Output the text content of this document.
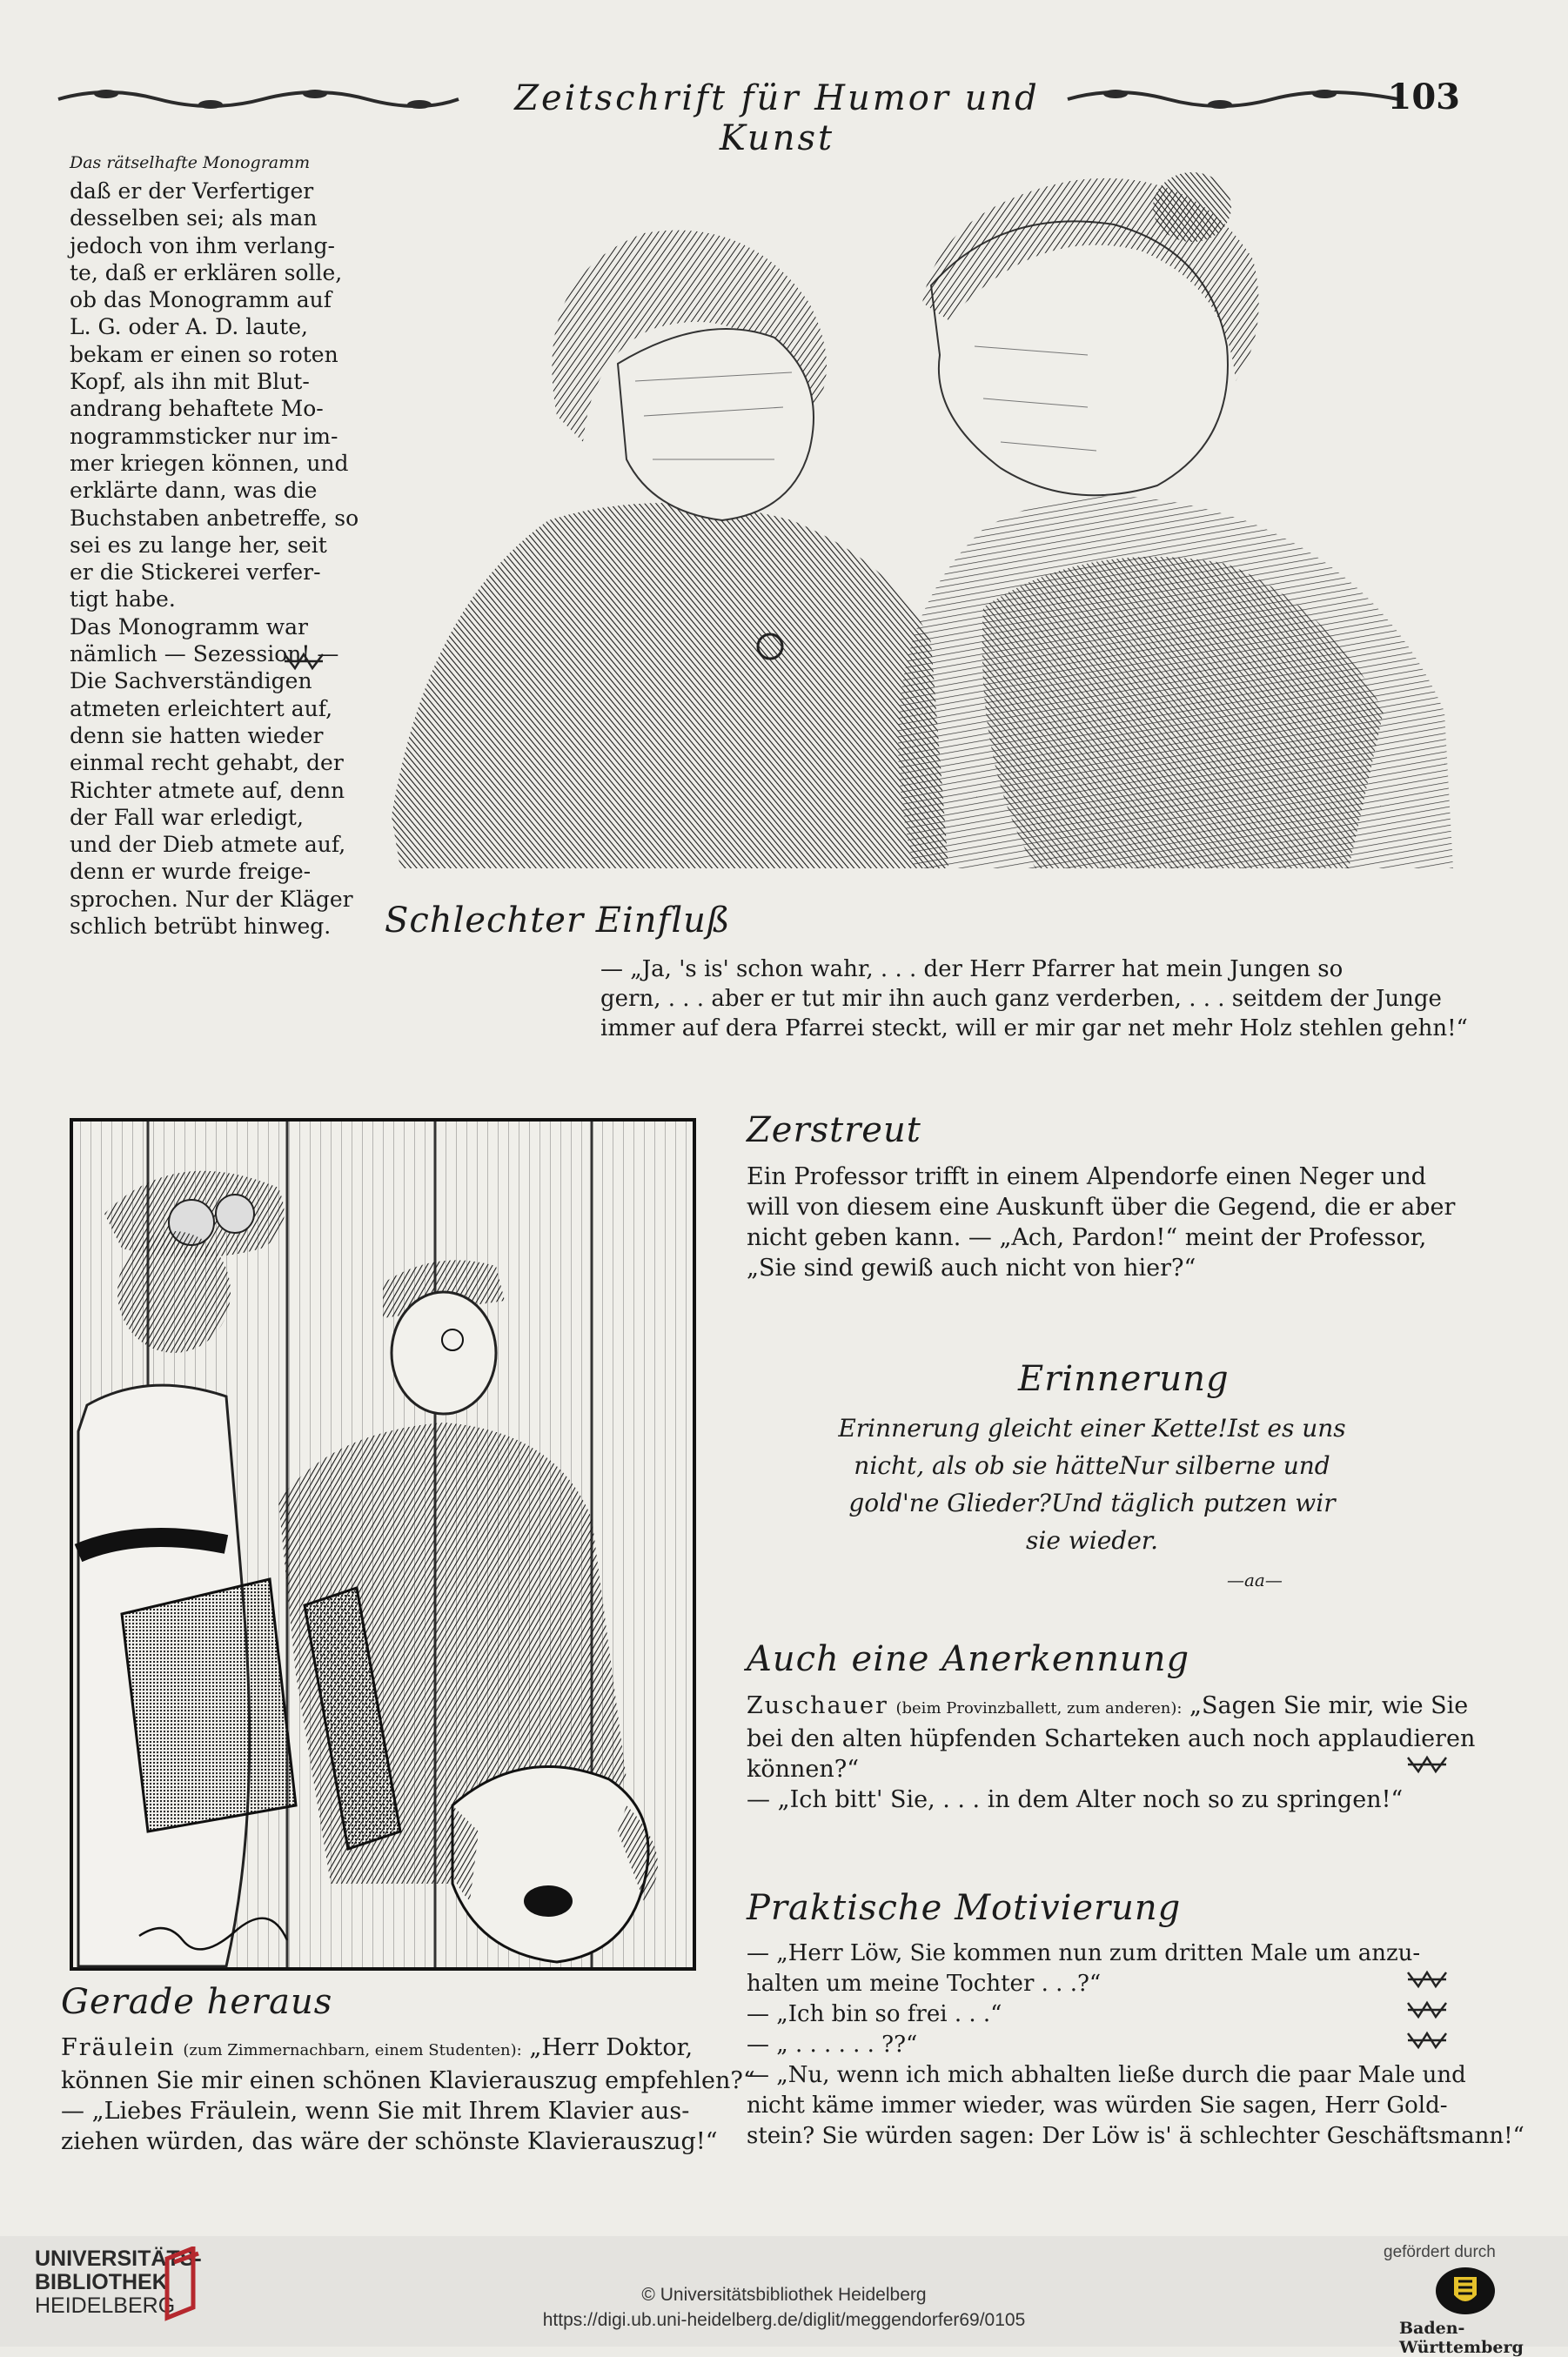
Zeitschrift für Humor und Kunst
103
Das rätselhafte Monogramm
daß er der Verfertiger
desselben sei; als man
jedoch von ihm verlang-
te, daß er erklären solle,
ob das Monogramm auf
L. G. oder A. D. laute,
bekam er einen so roten
Kopf, als ihn mit Blut-
andrang behaftete Mo-
nogrammsticker nur im-
mer kriegen können, und
erklärte dann, was die
Buchstaben anbetreffe, so
sei es zu lange her, seit
er die Stickerei verfer-
tigt habe.
Das Monogramm war
nämlich — Sezession! —
Die Sachverständigen
atmeten erleichtert auf,
denn sie hatten wieder
einmal recht gehabt, der
Richter atmete auf, denn
der Fall war erledigt,
und der Dieb atmete auf,
denn er wurde freige-
sprochen. Nur der Kläger
schlich betrübt hinweg. Schlechter Einfluß
— „Ja, 's is' schon wahr, . . . der Herr Pfarrer hat mein Jungen so
gern, . . . aber er tut mir ihn auch ganz verderben, . . . seitdem der Junge
immer auf dera Pfarrei steckt, will er mir gar net mehr Holz stehlen gehn!“
Zerstreut
Ein Professor trifft in einem Alpendorfe einen Neger und
will von diesem eine Auskunft über die Gegend, die er aber
nicht geben kann. — „Ach, Pardon!“ meint der Professor,
„Sie sind gewiß auch nicht von hier?“
Erinnerung
Erinnerung gleicht einer Kette!Ist es uns nicht, als ob sie hätteNur silberne und gold'ne Glieder?Und täglich putzen wir sie wieder.
—aa—
Auch eine Anerkennung
Zuschauer (beim Provinzballett, zum anderen): „Sagen Sie mir, wie Sie
bei den alten hüpfenden Scharteken auch noch applaudieren
können?“
— „Ich bitt' Sie, . . . in dem Alter noch so zu springen!“
Praktische Motivierung
— „Herr Löw, Sie kommen nun zum dritten Male um anzu-
halten um meine Tochter . . .?“
— „Ich bin so frei . . .“
— „ . . . . . . ??“
— „Nu, wenn ich mich abhalten ließe durch die paar Male und
nicht käme immer wieder, was würden Sie sagen, Herr Gold-
stein? Sie würden sagen: Der Löw is' ä schlechter Geschäftsmann!“
Gerade heraus
Fräulein (zum Zimmernachbarn, einem Studenten): „Herr Doktor,
können Sie mir einen schönen Klavierauszug empfehlen?“
— „Liebes Fräulein, wenn Sie mit Ihrem Klavier aus-
ziehen würden, das wäre der schönste Klavierauszug!“
UNIVERSITÄTS-
BIBLIOTHEK
HEIDELBERG	© Universitätsbibliothek Heidelberg
https://digi.ub.uni-heidelberg.de/diglit/meggendorfer69/0105
gefördert durch
Baden-Württemberg
